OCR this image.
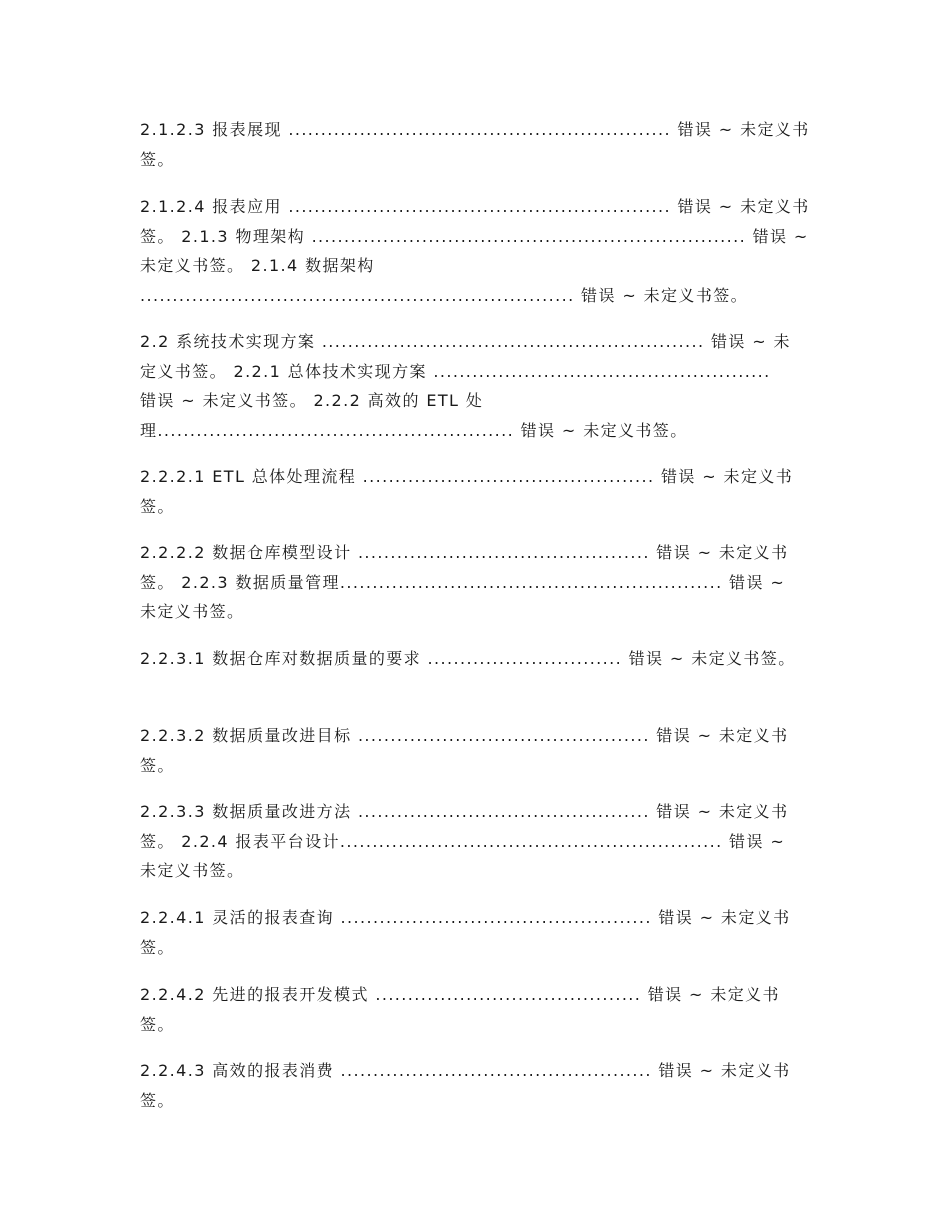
2.1.2.3 报表展现 ........................................................... 错误 ~ 未定义书
签。
2.1.2.4 报表应用 ........................................................... 错误 ~ 未定义书
签。 2.1.3 物理架构 ................................................................... 错误 ~
未定义书签。 2.1.4 数据架构
................................................................... 错误 ~ 未定义书签。
2.2 系统技术实现方案 ........................................................... 错误 ~ 未
定义书签。 2.2.1 总体技术实现方案 ....................................................
错误 ~ 未定义书签。 2.2.2 高效的 ETL 处
理....................................................... 错误 ~ 未定义书签。
2.2.2.1 ETL 总体处理流程 ............................................. 错误 ~ 未定义书
签。
2.2.2.2 数据仓库模型设计 ............................................. 错误 ~ 未定义书
签。 2.2.3 数据质量管理........................................................... 错误 ~
未定义书签。
2.2.3.1 数据仓库对数据质量的要求 .............................. 错误 ~ 未定义书签。
2.2.3.2 数据质量改进目标 ............................................. 错误 ~ 未定义书
签。
2.2.3.3 数据质量改进方法 ............................................. 错误 ~ 未定义书
签。 2.2.4 报表平台设计........................................................... 错误 ~
未定义书签。
2.2.4.1 灵活的报表查询 ................................................ 错误 ~ 未定义书
签。
2.2.4.2 先进的报表开发模式 ......................................... 错误 ~ 未定义书
签。
2.2.4.3 高效的报表消费 ................................................ 错误 ~ 未定义书
签。
